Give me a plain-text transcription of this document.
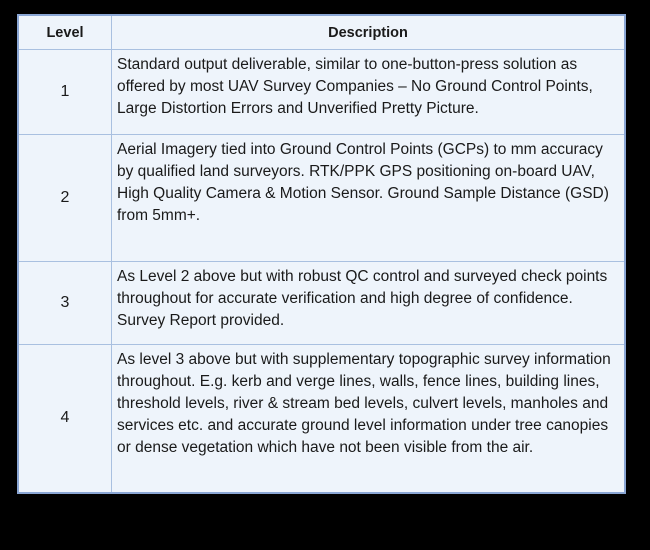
Level	Description
1	Standard output deliverable, similar to one-button-press solution as offered by most UAV Survey Companies – No Ground Control Points, Large Distortion Errors and Unverified Pretty Picture.
2	Aerial Imagery tied into Ground Control Points (GCPs) to mm accuracy by qualified land surveyors. RTK/PPK GPS positioning on-board UAV, High Quality Camera & Motion Sensor. Ground Sample Distance (GSD) from 5mm+.
3	As Level 2 above but with robust QC control and surveyed check points throughout for accurate verification and high degree of confidence. Survey Report provided.
4	As level 3 above but with supplementary topographic survey information throughout. E.g. kerb and verge lines, walls, fence lines, building lines, threshold levels, river & stream bed levels, culvert levels, manholes and services etc. and accurate ground level information under tree canopies or dense vegetation which have not been visible from the air.
